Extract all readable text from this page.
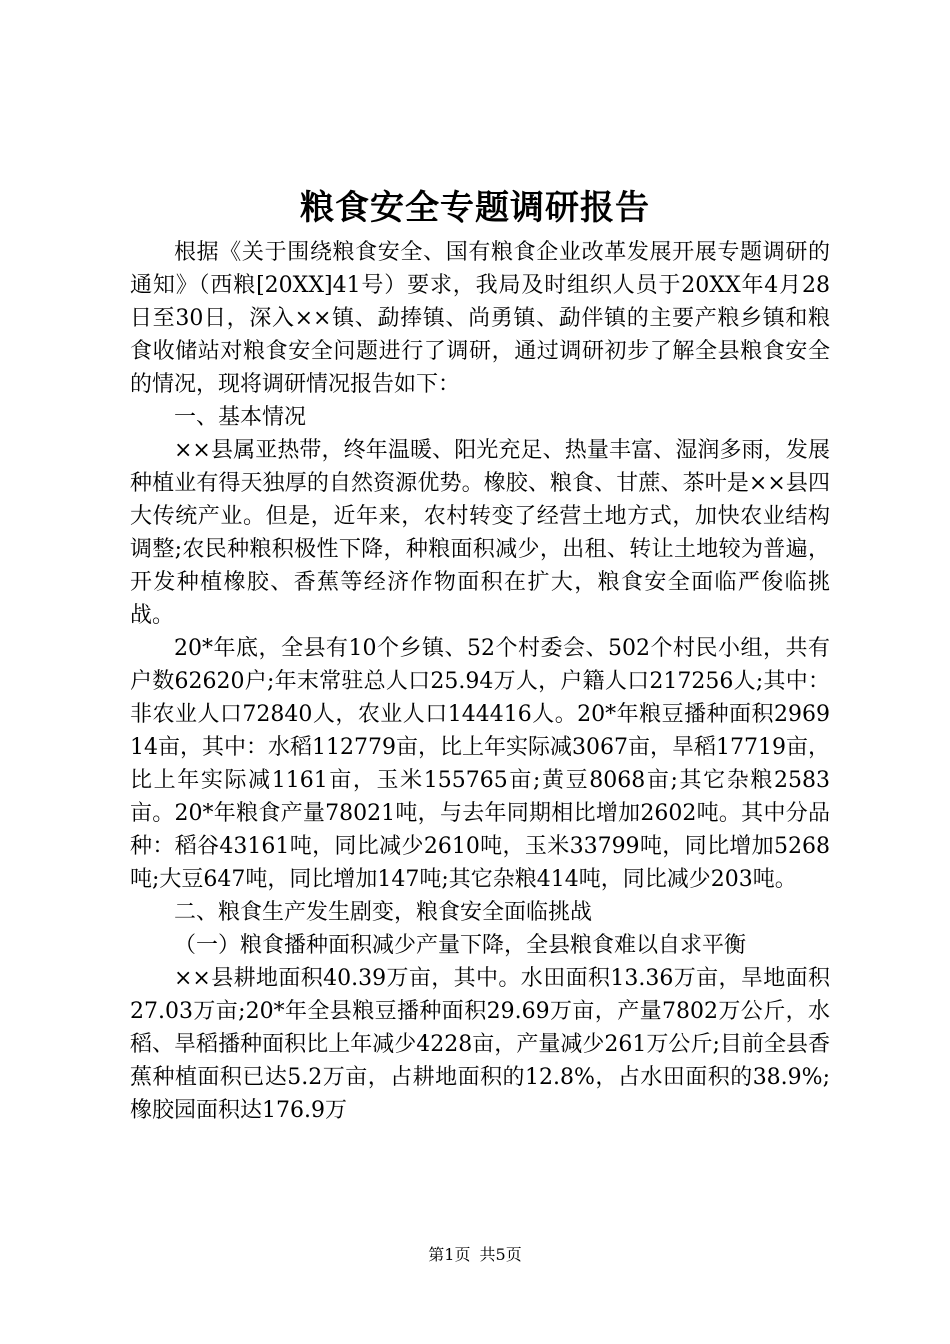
粮食安全专题调研报告

根据《关于围绕粮食安全、国有粮食企业改革发展开展专题调研的通知》（西粮[20XX]41号）要求，我局及时组织人员于20XX年4月28日至30日，深入××镇、勐捧镇、尚勇镇、勐伴镇的主要产粮乡镇和粮食收储站对粮食安全问题进行了调研，通过调研初步了解全县粮食安全的情况，现将调研情况报告如下：

一、基本情况

××县属亚热带，终年温暖、阳光充足、热量丰富、湿润多雨，发展种植业有得天独厚的自然资源优势。橡胶、粮食、甘蔗、茶叶是××县四大传统产业。但是，近年来，农村转变了经营土地方式，加快农业结构调整;农民种粮积极性下降，种粮面积减少，出租、转让土地较为普遍，开发种植橡胶、香蕉等经济作物面积在扩大，粮食安全面临严俊临挑战。

20*年底，全县有10个乡镇、52个村委会、502个村民小组，共有户数62620户;年末常驻总人口25.94万人，户籍人口217256人;其中：非农业人口72840人，农业人口144416人。20*年粮豆播种面积296914亩，其中：水稻112779亩，比上年实际减3067亩，旱稻17719亩，比上年实际减1161亩，玉米155765亩;黄豆8068亩;其它杂粮2583亩。20*年粮食产量78021吨，与去年同期相比增加2602吨。其中分品种：稻谷43161吨，同比减少2610吨，玉米33799吨，同比增加5268吨;大豆647吨，同比增加147吨;其它杂粮414吨，同比减少203吨。

二、粮食生产发生剧变，粮食安全面临挑战

（一）粮食播种面积减少产量下降，全县粮食难以自求平衡

××县耕地面积40.39万亩，其中。水田面积13.36万亩，旱地面积27.03万亩;20*年全县粮豆播种面积29.69万亩，产量7802万公斤，水稻、旱稻播种面积比上年减少4228亩，产量减少261万公斤;目前全县香蕉种植面积已达5.2万亩，占耕地面积的12.8%，占水田面积的38.9%;橡胶园面积达176.9万

第1页 共5页
